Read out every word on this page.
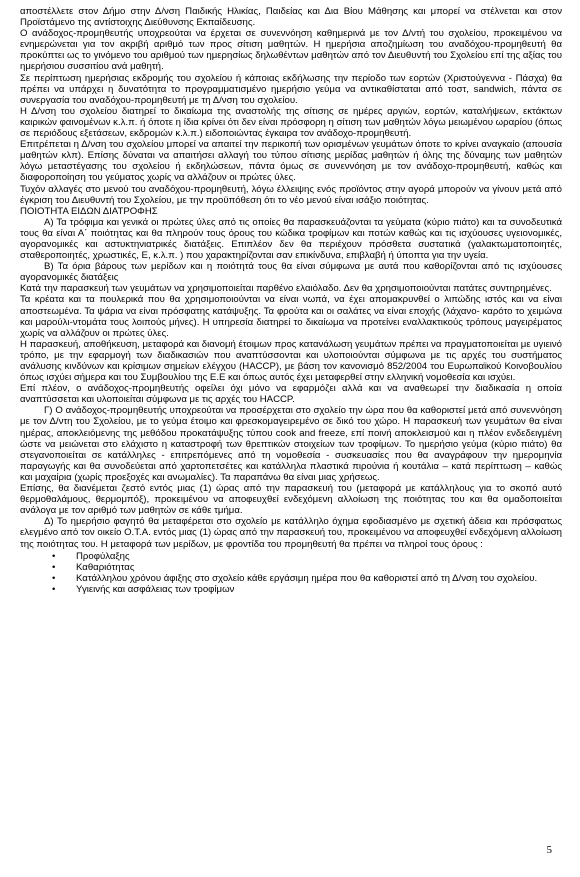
αποστέλλετε στον Δήμο στην Δ/νση Παιδικής Ηλικίας, Παιδείας και Δια Βίου Μάθησης και μπορεί να στέλνεται και στον Προϊστάμενο της αντίστοιχης Διεύθυνσης Εκπαίδευσης.

Ο ανάδοχος-προμηθευτής υποχρεούται να έρχεται σε συνεννόηση καθημερινά με τον Δ/ντή του σχολείου, προκειμένου να ενημερώνεται για τον ακριβή αριθμό των προς σίτιση μαθητών. Η ημερήσια αποζημίωση του αναδόχου-προμηθευτή θα προκύπτει ως το γινόμενο του αριθμού των ημερησίως δηλωθέντων μαθητών από τον Διευθυντή του Σχολείου επί της αξίας του ημερήσιου συσσιτίου ανά μαθητή.

Σε περίπτωση ημερήσιας εκδρομής του σχολείου ή κάποιας εκδήλωσης την περίοδο των εορτών (Χριστούγεννα - Πάσχα) θα πρέπει να υπάρχει η δυνατότητα το προγραμματισμένο ημερήσιο γεύμα να αντικαθίσταται από τοστ, sandwich, πάντα σε συνεργασία του αναδόχου-προμηθευτή με τη Δ/νση του σχολείου.

Η Δ/νση του σχολείου διατηρεί το δικαίωμα της αναστολής της σίτισης σε ημέρες αργιών, εορτών, καταλήψεων, εκτάκτων καιρικών φαινομένων κ.λ.π. ή όποτε η ίδια κρίνει ότι δεν είναι πρόσφορη η σίτιση των μαθητών λόγω μειωμένου ωραρίου (όπως σε περιόδους εξετάσεων, εκδρομών κ.λ.π.) ειδοποιώντας έγκαιρα τον ανάδοχο-προμηθευτή.

Επιτρέπεται η Δ/νση του σχολείου μπορεί να απαιτεί την περικοπή των ορισμένων γευμάτων όποτε το κρίνει αναγκαίο (απουσία μαθητών κλπ). Επίσης δύναται να απαιτήσει αλλαγή του τύπου σίτισης μερίδας μαθητών ή όλης της δύναμης των μαθητών λόγω μεταστέγασης του σχολείου ή εκδηλώσεων, πάντα όμως σε συνεννόηση με τον ανάδοχο-προμηθευτή, καθώς και διαφοροποίηση του γεύματος χωρίς να αλλάζουν οι πρώτες ύλες.

Τυχόν αλλαγές στο μενού του αναδόχου-προμηθευτή, λόγω έλλειψης ενός προϊόντος στην αγορά μπορούν να γίνουν μετά από έγκριση του Διευθυντή του Σχολείου, με την προϋπόθεση ότι το νέο μενού είναι ισάξιο ποιότητας.

ΠΟΙΟΤΗΤΑ ΕΙΔΩΝ ΔΙΑΤΡΟΦΗΣ

Α) Τα τρόφιμα και γενικά οι πρώτες ύλες από τις οποίες θα παρασκευάζονται τα γεύματα (κύριο πιάτο) και τα συνοδευτικά τους θα είναι Α΄ ποιότητας και θα πληρούν τους όρους του κώδικα τροφίμων και ποτών καθώς και τις ισχύουσες υγειονομικές, αγορανομικές και αστυκτηνιατρικές διατάξεις. Επιπλέον δεν θα περιέχουν πρόσθετα συστατικά (γαλακτωματοποιητές, σταθεροποιητές, χρωστικές, Ε, κ.λ.π. ) που χαρακτηρίζονται σαν επικίνδυνα, επιβλαβή ή ύποπτα για την υγεία.

Β) Τα όρια βάρους των μερίδων και η ποιότητά τους θα είναι σύμφωνα με αυτά που καθορίζονται από τις ισχύουσες αγορανομικές διατάξεις

Κατά την παρασκευή των γευμάτων να χρησιμοποιείται παρθένο ελαιόλαδο. Δεν θα χρησιμοποιούνται πατάτες συντηρημένες.

Τα κρέατα και τα πουλερικά που θα χρησιμοποιούνται να είναι νωπά, να έχει απομακρυνθεί ο λιπώδης ιστός και να είναι αποστεωμένα. Τα ψάρια να είναι πρόσφατης κατάψυξης. Τα φρούτα και οι σαλάτες να είναι εποχής (λάχανο- καρότο το χειμώνα και μαρούλι-ντομάτα τους λοιπούς μήνες). Η υπηρεσία διατηρεί το δικαίωμα να προτείνει εναλλακτικούς τρόπους μαγειρέματος χωρίς να αλλάζουν οι πρώτες ύλες.

Η παρασκευή, αποθήκευση, μεταφορά και διανομή έτοιμων προς κατανάλωση γευμάτων πρέπει να πραγματοποιείται με υγιεινό τρόπο, με την εφαρμογή των διαδικασιών που αναπτύσσονται και υλοποιούνται σύμφωνα με τις αρχές του συστήματος ανάλυσης κινδύνων και κρίσιμων σημείων ελέγχου (HACCP), με βάση τον κανονισμό 852/2004 του Ευρωπαϊκού Κοινοβουλίου όπως ισχύει σήμερα και του Συμβουλίου της Ε.Ε και όπως αυτός έχει μεταφερθεί στην ελληνική νομοθεσία και ισχύει.

Επί πλέον, ο ανάδοχος-προμηθευτής οφείλει όχι μόνο να εφαρμόζει αλλά και να αναθεωρεί την διαδικασία η οποία αναπτύσσεται και υλοποιείται σύμφωνα με τις αρχές του HACCP.

Γ) Ο ανάδοχος-προμηθευτής υποχρεούται να προσέρχεται στο σχολείο την ώρα που θα καθοριστεί μετά από συνεννόηση με τον Δ/ντη του Σχολείου, με το γεύμα έτοιμο και φρεσκομαγειρεμένο σε δικό του χώρο. Η παρασκευή των γευμάτων θα είναι ημέρας, αποκλειόμενης της μεθόδου προκατάψυξης τύπου cook and freeze, επί ποινή αποκλεισμού και η πλέον ενδεδειγμένη ώστε να μειώνεται στο ελάχιστο η καταστροφή των θρεπτικών στοιχείων των τροφίμων. Το ημερήσιο γεύμα (κύριο πιάτο) θα στεγανοποιείται σε κατάλληλες - επιτρεπόμενες από τη νομοθεσία - συσκευασίες που θα αναγράφουν την ημερομηνία παραγωγής και θα συνοδεύεται από χαρτοπετσέτες και κατάλληλα πλαστικά πιρούνια ή κουτάλια – κατά περίπτωση – καθώς και μαχαίρια (χωρίς προεξοχές και ανωμαλίες). Τα παραπάνω θα είναι μιας χρήσεως.

Επίσης, θα διανέμεται ζεστό εντός μιας (1) ώρας από την παρασκευή του (μεταφορά με κατάλληλους για το σκοπό αυτό θερμοθαλάμους, θερμομπόξ), προκειμένου να αποφευχθεί ενδεχόμενη αλλοίωση της ποιότητας του και θα ομαδοποιείται ανάλογα με τον αριθμό των μαθητών σε κάθε τμήμα.

Δ) Το ημερήσιο φαγητό θα μεταφέρεται στο σχολείο με κατάλληλο όχημα εφοδιασμένο με σχετική άδεια και πρόσφατως ελεγμένο από τον οικείο Ο.Τ.Α. εντός μιας (1) ώρας από την παρασκευή του, προκειμένου να αποφευχθεί ενδεχόμενη αλλοίωση της ποιότητας του. Η μεταφορά των μερίδων, με φροντίδα του προμηθευτή θα πρέπει να πληροί τους όρους :

• Προφύλαξης
• Καθαριότητας
• Κατάλληλου χρόνου άφιξης στο σχολείο κάθε εργάσιμη ημέρα που θα καθοριστεί από τη Δ/νση του σχολείου.
• Υγιεινής και ασφάλειας των τροφίμων
5
